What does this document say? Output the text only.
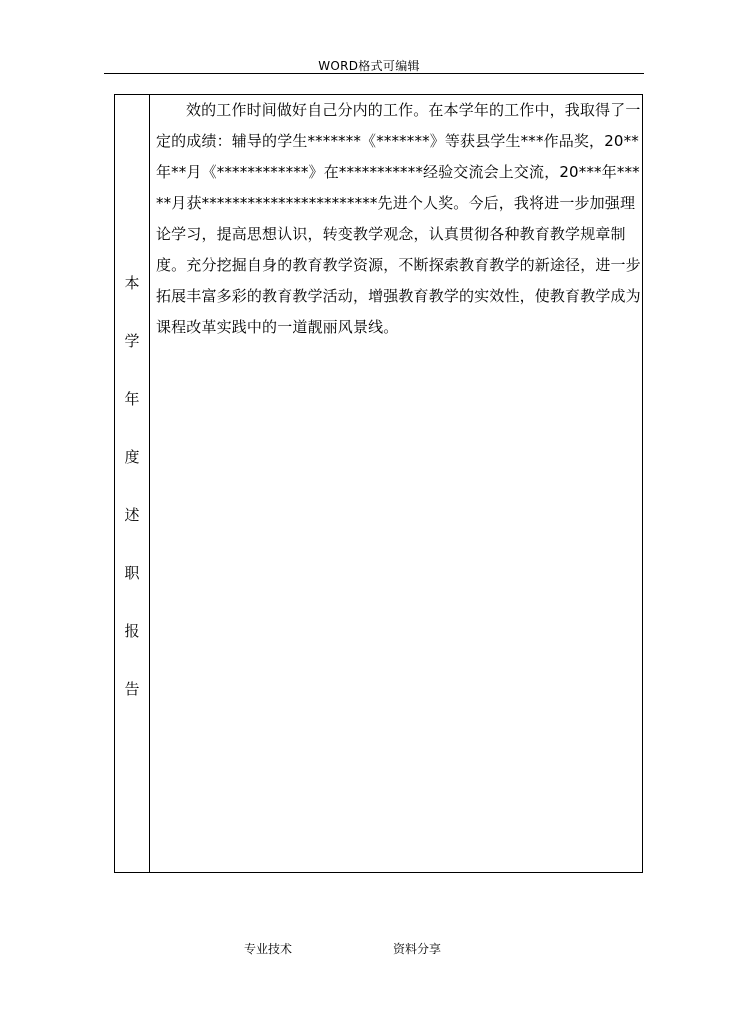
WORD格式可编辑
本
学
年
度
述
职
报
告

效的工作时间做好自己分内的工作。在本学年的工作中，我取得了一定的成绩：辅导的学生*******《*******》等获县学生***作品奖，20**年**月《************》在***********经验交流会上交流，20***年*****月获***********************先进个人奖。今后，我将进一步加强理论学习，提高思想认识，转变教学观念，认真贯彻各种教育教学规章制度。充分挖掘自身的教育教学资源，不断探索教育教学的新途径，进一步拓展丰富多彩的教育教学活动，增强教育教学的实效性，使教育教学成为课程改革实践中的一道靓丽风景线。

专业技术	资料分享
